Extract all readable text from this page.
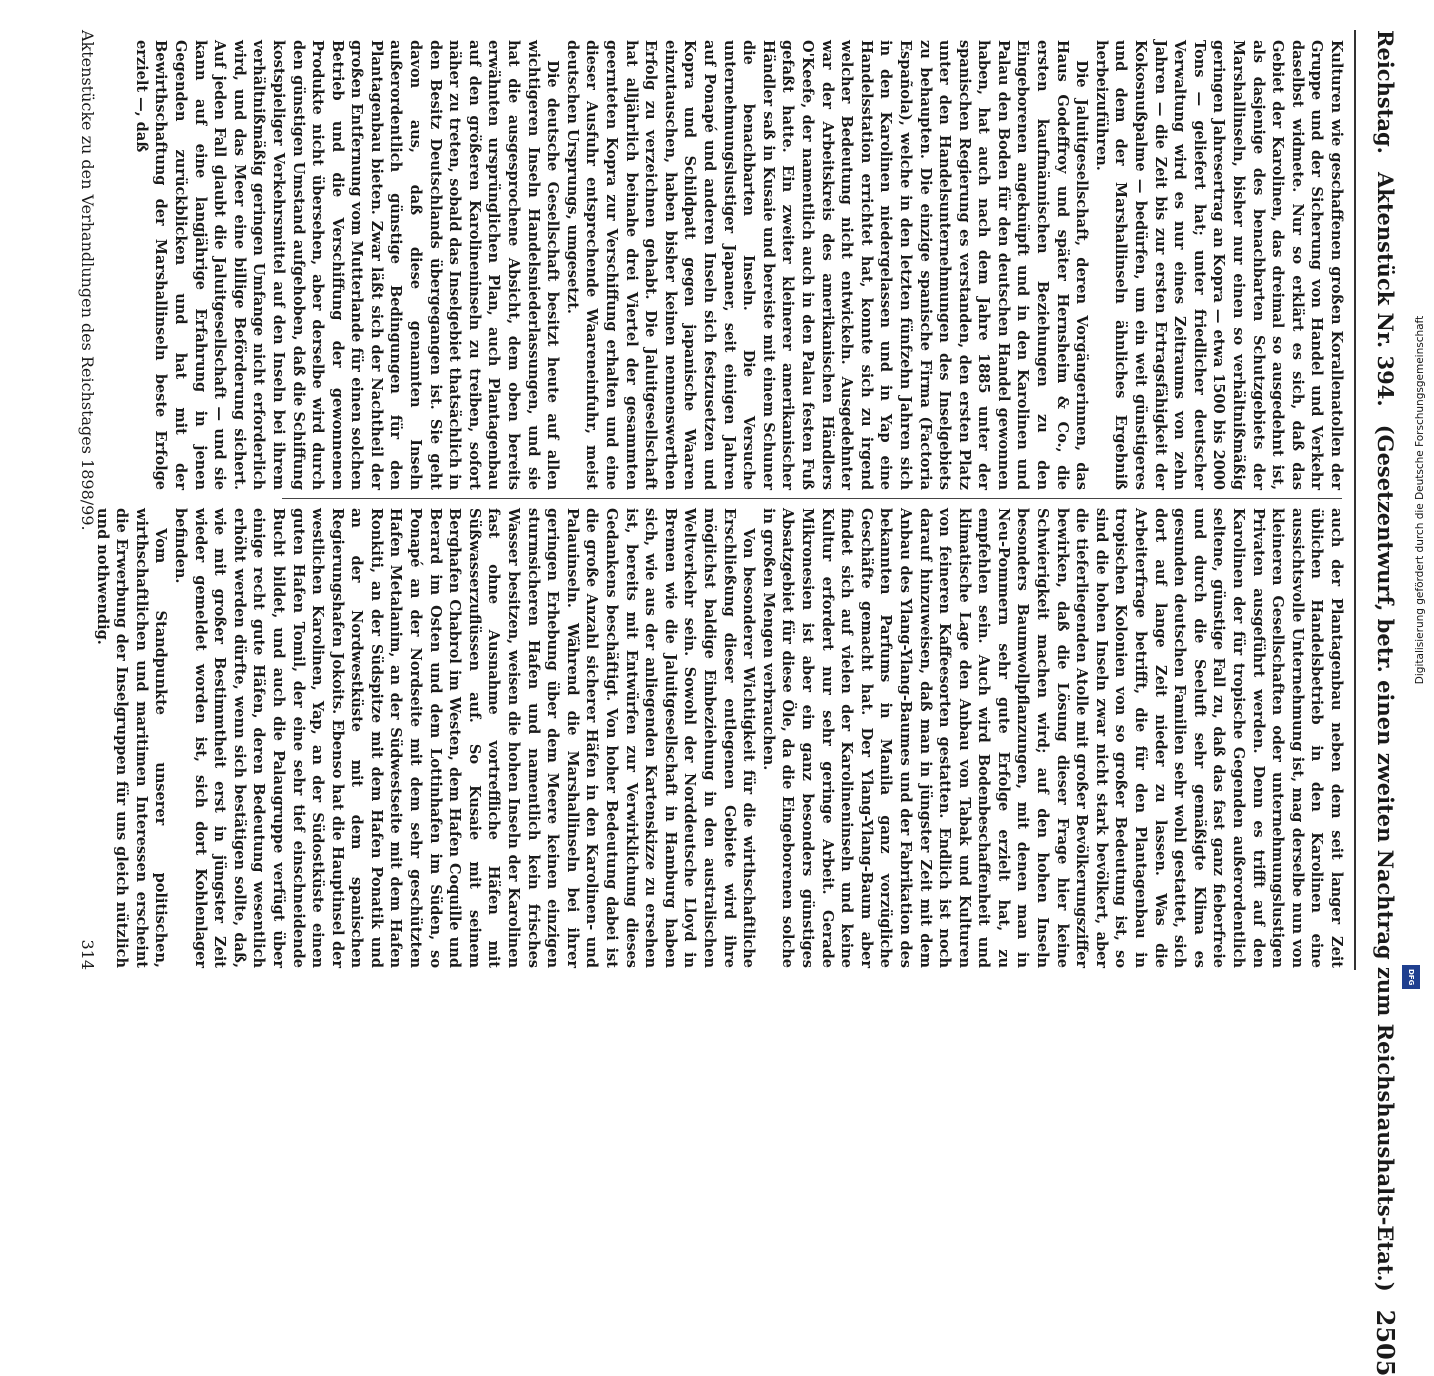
Reichstag.
Aktenstück Nr. 394.
(Gesetzentwurf, betr. einen zweiten Nachtrag zum Reichshaushalts-Etat.)
2505

Kulturen wie geschaffenen großen Korallenatollen der Gruppe und der Sicherung von Handel und Verkehr daselbst widmete. Nur so erklärt es sich, daß das Gebiet der Karolinen, das dreimal so ausgedehnt ist, als dasjenige des benachbarten Schutzgebiets der Marshallinseln, bisher nur einen so verhältnißmäßig geringen Jahresertrag an Kopra — etwa 1500 bis 2000 Tons — geliefert hat; unter friedlicher deutscher Verwaltung wird es nur eines Zeitraums von zehn Jahren — die Zeit bis zur ersten Ertragsfähigkeit der Kokosnußpalme — bedürfen, um ein weit günstigeres und dem der Marshallinseln ähnliches Ergebniß herbeizuführen.

Die Jaluitgesellschaft, deren Vorgängerinnen, das Haus Godeffroy und später Hernsheim & Co., die ersten kaufmännischen Beziehungen zu den Eingeborenen angeknüpft und in den Karolinen und Palau den Boden für den deutschen Handel gewonnen haben, hat auch nach dem Jahre 1885 unter der spanischen Regierung es verstanden, den ersten Platz unter den Handelsunternehmungen des Inselgebiets zu behaupten. Die einzige spanische Firma (Factoria Española), welche in den letzten fünfzehn Jahren sich in den Karolinen niedergelassen und in Yap eine Handelsstation errichtet hat, konnte sich zu irgend welcher Bedeutung nicht entwickeln. Ausgedehnter war der Arbeitskreis des amerikanischen Händlers O'Keefe, der namentlich auch in den Palau festen Fuß gefaßt hatte. Ein zweiter kleinerer amerikanischer Händler saß in Kusaie und bereiste mit einem Schuner die benachbarten Inseln. Die Versuche unternehmungslustiger Japaner, seit einigen Jahren auf Ponapé und anderen Inseln sich festzusetzen und Kopra und Schildpatt gegen japanische Waaren einzutauschen, haben bisher keinen nennenswerthen Erfolg zu verzeichnen gehabt. Die Jaluitgesellschaft hat alljährlich beinahe drei Viertel der gesammten geernteten Kopra zur Verschiffung erhalten und eine dieser Ausfuhr entsprechende Waareneinfuhr, meist deutschen Ursprungs, umgesetzt.

Die deutsche Gesellschaft besitzt heute auf allen wichtigeren Inseln Handelsniederlassungen, und sie hat die ausgesprochene Absicht, dem oben bereits erwähnten ursprünglichen Plan, auch Plantagenbau auf den größeren Karolineninseln zu treiben, sofort näher zu treten, sobald das Inselgebiet thatsächlich in den Besitz Deutschlands übergegangen ist. Sie geht davon aus, daß diese genannten Inseln außerordentlich günstige Bedingungen für den Plantagenbau bieten. Zwar läßt sich der Nachtheil der großen Entfernung vom Mutterlande für einen solchen Betrieb und die Verschiffung der gewonnenen Produkte nicht übersehen, aber derselbe wird durch den günstigen Umstand aufgehoben, daß die Schiffung kostspieliger Verkehrsmittel auf den Inseln bei ihrem verhältnißmäßig geringen Umfange nicht erforderlich wird, und das Meer eine billige Beförderung sichert. Auf jeden Fall glaubt die Jaluitgesellschaft — und sie kann auf eine langjährige Erfahrung in jenen Gegenden zurückblicken und hat mit der Bewirthschaftung der Marshallinseln beste Erfolge erzielt —, daß

auch der Plantagenbau neben dem seit langer Zeit üblichen Handelsbetrieb in den Karolinen eine aussichtsvolle Unternehmung ist, mag derselbe nun von kleineren Gesellschaften oder unternehmungslustigen Privaten ausgeführt werden. Denn es trifft auf den Karolinen der für tropische Gegenden außerordentlich seltene, günstige Fall zu, daß das fast ganz fieberfreie und durch die Seeluft sehr gemäßigte Klima es gesunden deutschen Familien sehr wohl gestattet, sich dort auf lange Zeit nieder zu lassen. Was die Arbeiterfrage betrifft, die für den Plantagenbau in tropischen Kolonien von so großer Bedeutung ist, so sind die hohen Inseln zwar nicht stark bevölkert, aber die tieferliegenden Atolle mit großer Bevölkerungsziffer bewirken, daß die Lösung dieser Frage hier keine Schwierigkeit machen wird; auf den hohen Inseln besonders Baumwollpflanzungen, mit denen man in Neu-Pommern sehr gute Erfolge erzielt hat, zu empfehlen sein. Auch wird Bodenbeschaffenheit und klimatische Lage den Anbau von Tabak und Kulturen von feineren Kaffeesorten gestatten. Endlich ist noch darauf hinzuweisen, daß man in jüngster Zeit mit dem Anbau des Ylang-Ylang-Baumes und der Fabrikation des bekannten Parfums in Manila ganz vorzügliche Geschäfte gemacht hat. Der Ylang-Ylang-Baum aber findet sich auf vielen der Karolineninseln und keine Kultur erfordert nur sehr geringe Arbeit. Gerade Mikronesien ist aber ein ganz besonders günstiges Absatzgebiet für diese Öle, da die Eingeborenen solche in großen Mengen verbrauchen.

Von besonderer Wichtigkeit für die wirthschaftliche Erschließung dieser entlegenen Gebiete wird ihre möglichst baldige Einbeziehung in den australischen Weltverkehr sein. Sowohl der Norddeutsche Lloyd in Bremen wie die Jaluitgesellschaft in Hamburg haben sich, wie aus der anliegenden Kartenskizze zu ersehen ist, bereits mit Entwürfen zur Verwirklichung dieses Gedankens beschäftigt. Von hoher Bedeutung dabei ist die große Anzahl sicherer Häfen in den Karolinen- und Palauinseln. Während die Marshallinseln bei ihrer geringen Erhebung über dem Meere keinen einzigen sturmsicheren Hafen und namentlich kein frisches Wasser besitzen, weisen die hohen Inseln der Karolinen fast ohne Ausnahme vortreffliche Häfen mit Süßwasserzuflüssen auf. So Kusaie mit seinem Berghafen Chabrol im Westen, dem Hafen Coquille und Berard im Osten und dem Lottinhafen im Süden, so Ponapé an der Nordseite mit dem sehr geschützten Hafen Metalanim, an der Südwestseite mit dem Hafen Ronkiti, an der Südspitze mit dem Hafen Ponatik und an der Nordwestküste mit dem spanischen Regierungshafen Jokoits. Ebenso hat die Hauptinsel der westlichen Karolinen, Yap, an der Südostküste einen guten Hafen Tomil, der eine sehr tief einschneidende Bucht bildet, und auch die Palaugruppe verfügt über einige recht gute Häfen, deren Bedeutung wesentlich erhöht werden dürfte, wenn sich bestätigen sollte, daß, wie mit großer Bestimmtheit erst in jüngster Zeit wieder gemeldet worden ist, sich dort Kohlenlager befinden.

Vom Standpunkte unserer politischen, wirthschaftlichen und maritimen Interessen erscheint die Erwerbung der Inselgruppen für uns gleich nützlich und nothwendig.

Aktenstücke zu den Verhandlungen des Reichstages 1898/99.
314
Digitalisierung gefördert durch die Deutsche Forschungsgemeinschaft
DFG
